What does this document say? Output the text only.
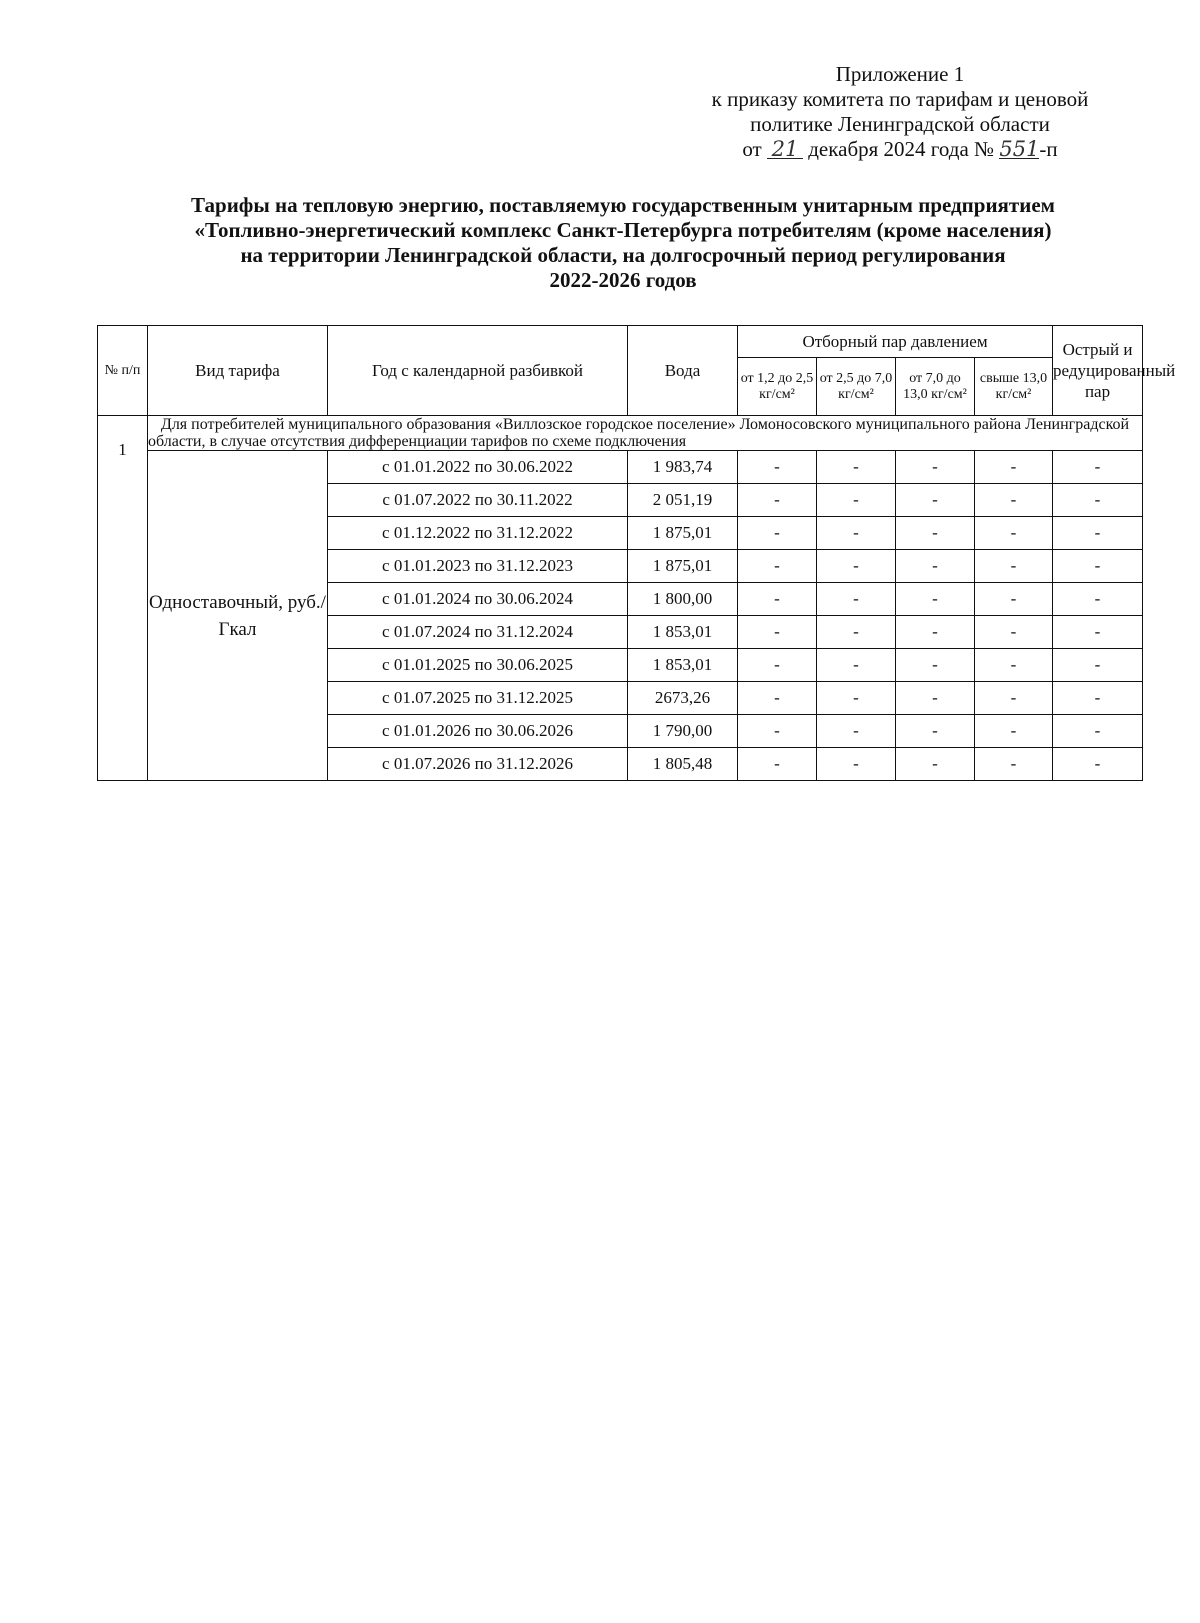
Приложение 1
к приказу комитета по тарифам и ценовой
политике Ленинградской области
от 21 декабря 2024 года № 551-п
Тарифы на тепловую энергию, поставляемую государственным унитарным предприятием
«Топливно-энергетический комплекс Санкт-Петербурга потребителям (кроме населения)
на территории Ленинградской области, на долгосрочный период регулирования
2022-2026 годов
№ п/п	Вид тарифа	Год с календарной разбивкой	Вода	Отборный пар давлением				Острый и редуцированный пар
				от 1,2 до 2,5 кг/см²	от 2,5 до 7,0 кг/см²	от 7,0 до 13,0 кг/см²	свыше 13,0 кг/см²	
1	Для потребителей муниципального образования «Виллозское городское поселение» Ломоносовского муниципального района Ленинградской области, в случае отсутствия дифференциации тарифов по схеме подключения							
	Одноставочный, руб./Гкал	с 01.01.2022 по 30.06.2022	1 983,74	-	-	-	-	-
		с 01.07.2022 по 30.11.2022	2 051,19	-	-	-	-	-
		с 01.12.2022 по 31.12.2022	1 875,01	-	-	-	-	-
		с 01.01.2023 по 31.12.2023	1 875,01	-	-	-	-	-
		с 01.01.2024 по 30.06.2024	1 800,00	-	-	-	-	-
		с 01.07.2024 по 31.12.2024	1 853,01	-	-	-	-	-
		с 01.01.2025 по 30.06.2025	1 853,01	-	-	-	-	-
		с 01.07.2025 по 31.12.2025	2673,26	-	-	-	-	-
		с 01.01.2026 по 30.06.2026	1 790,00	-	-	-	-	-
		с 01.07.2026 по 31.12.2026	1 805,48	-	-	-	-	-
